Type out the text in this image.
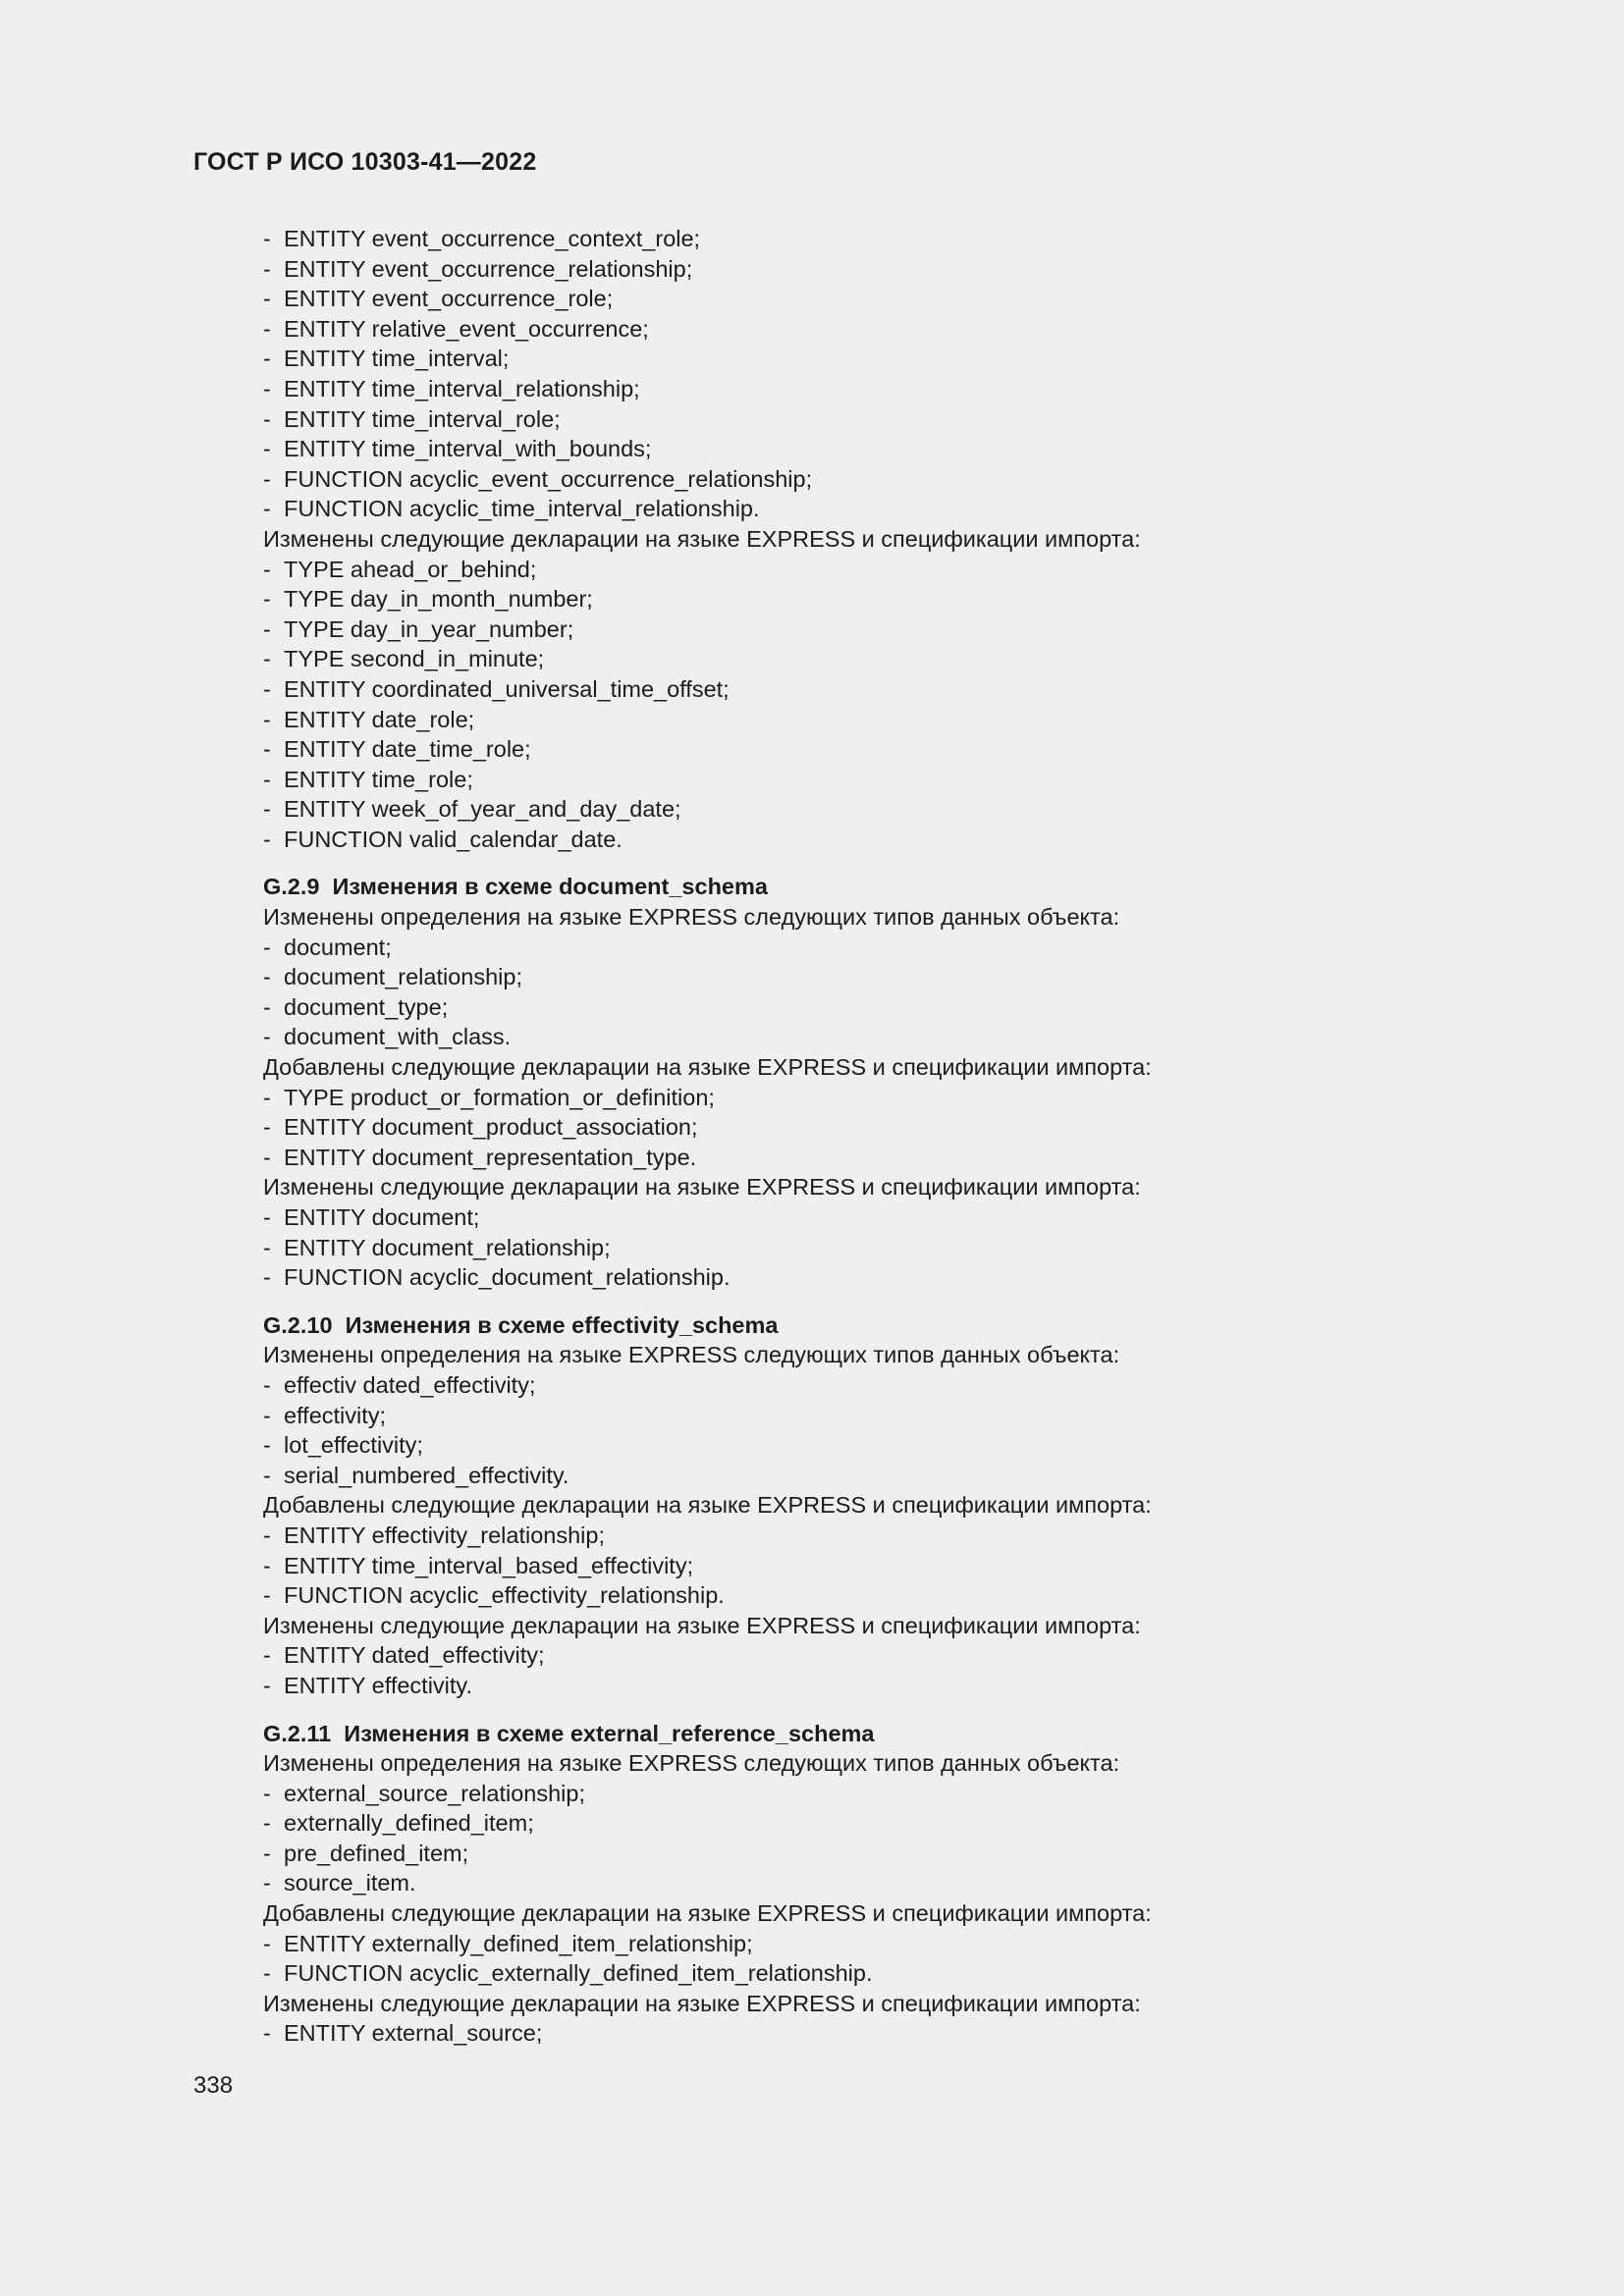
ГОСТ Р ИСО 10303-41—2022
- ENTITY event_occurrence_context_role;
- ENTITY event_occurrence_relationship;
- ENTITY event_occurrence_role;
- ENTITY relative_event_occurrence;
- ENTITY time_interval;
- ENTITY time_interval_relationship;
- ENTITY time_interval_role;
- ENTITY time_interval_with_bounds;
- FUNCTION acyclic_event_occurrence_relationship;
- FUNCTION acyclic_time_interval_relationship.
Изменены следующие декларации на языке EXPRESS и спецификации импорта:
- TYPE ahead_or_behind;
- TYPE day_in_month_number;
- TYPE day_in_year_number;
- TYPE second_in_minute;
- ENTITY coordinated_universal_time_offset;
- ENTITY date_role;
- ENTITY date_time_role;
- ENTITY time_role;
- ENTITY week_of_year_and_day_date;
- FUNCTION valid_calendar_date.
G.2.9  Изменения в схеме document_schema
Изменены определения на языке EXPRESS следующих типов данных объекта:
- document;
- document_relationship;
- document_type;
- document_with_class.
Добавлены следующие декларации на языке EXPRESS и спецификации импорта:
- TYPE product_or_formation_or_definition;
- ENTITY document_product_association;
- ENTITY document_representation_type.
Изменены следующие декларации на языке EXPRESS и спецификации импорта:
- ENTITY document;
- ENTITY document_relationship;
- FUNCTION acyclic_document_relationship.
G.2.10  Изменения в схеме effectivity_schema
Изменены определения на языке EXPRESS следующих типов данных объекта:
- effectiv dated_effectivity;
- effectivity;
- lot_effectivity;
- serial_numbered_effectivity.
Добавлены следующие декларации на языке EXPRESS и спецификации импорта:
- ENTITY effectivity_relationship;
- ENTITY time_interval_based_effectivity;
- FUNCTION acyclic_effectivity_relationship.
Изменены следующие декларации на языке EXPRESS и спецификации импорта:
- ENTITY dated_effectivity;
- ENTITY effectivity.
G.2.11  Изменения в схеме external_reference_schema
Изменены определения на языке EXPRESS следующих типов данных объекта:
- external_source_relationship;
- externally_defined_item;
- pre_defined_item;
- source_item.
Добавлены следующие декларации на языке EXPRESS и спецификации импорта:
- ENTITY externally_defined_item_relationship;
- FUNCTION acyclic_externally_defined_item_relationship.
Изменены следующие декларации на языке EXPRESS и спецификации импорта:
- ENTITY external_source;
338
